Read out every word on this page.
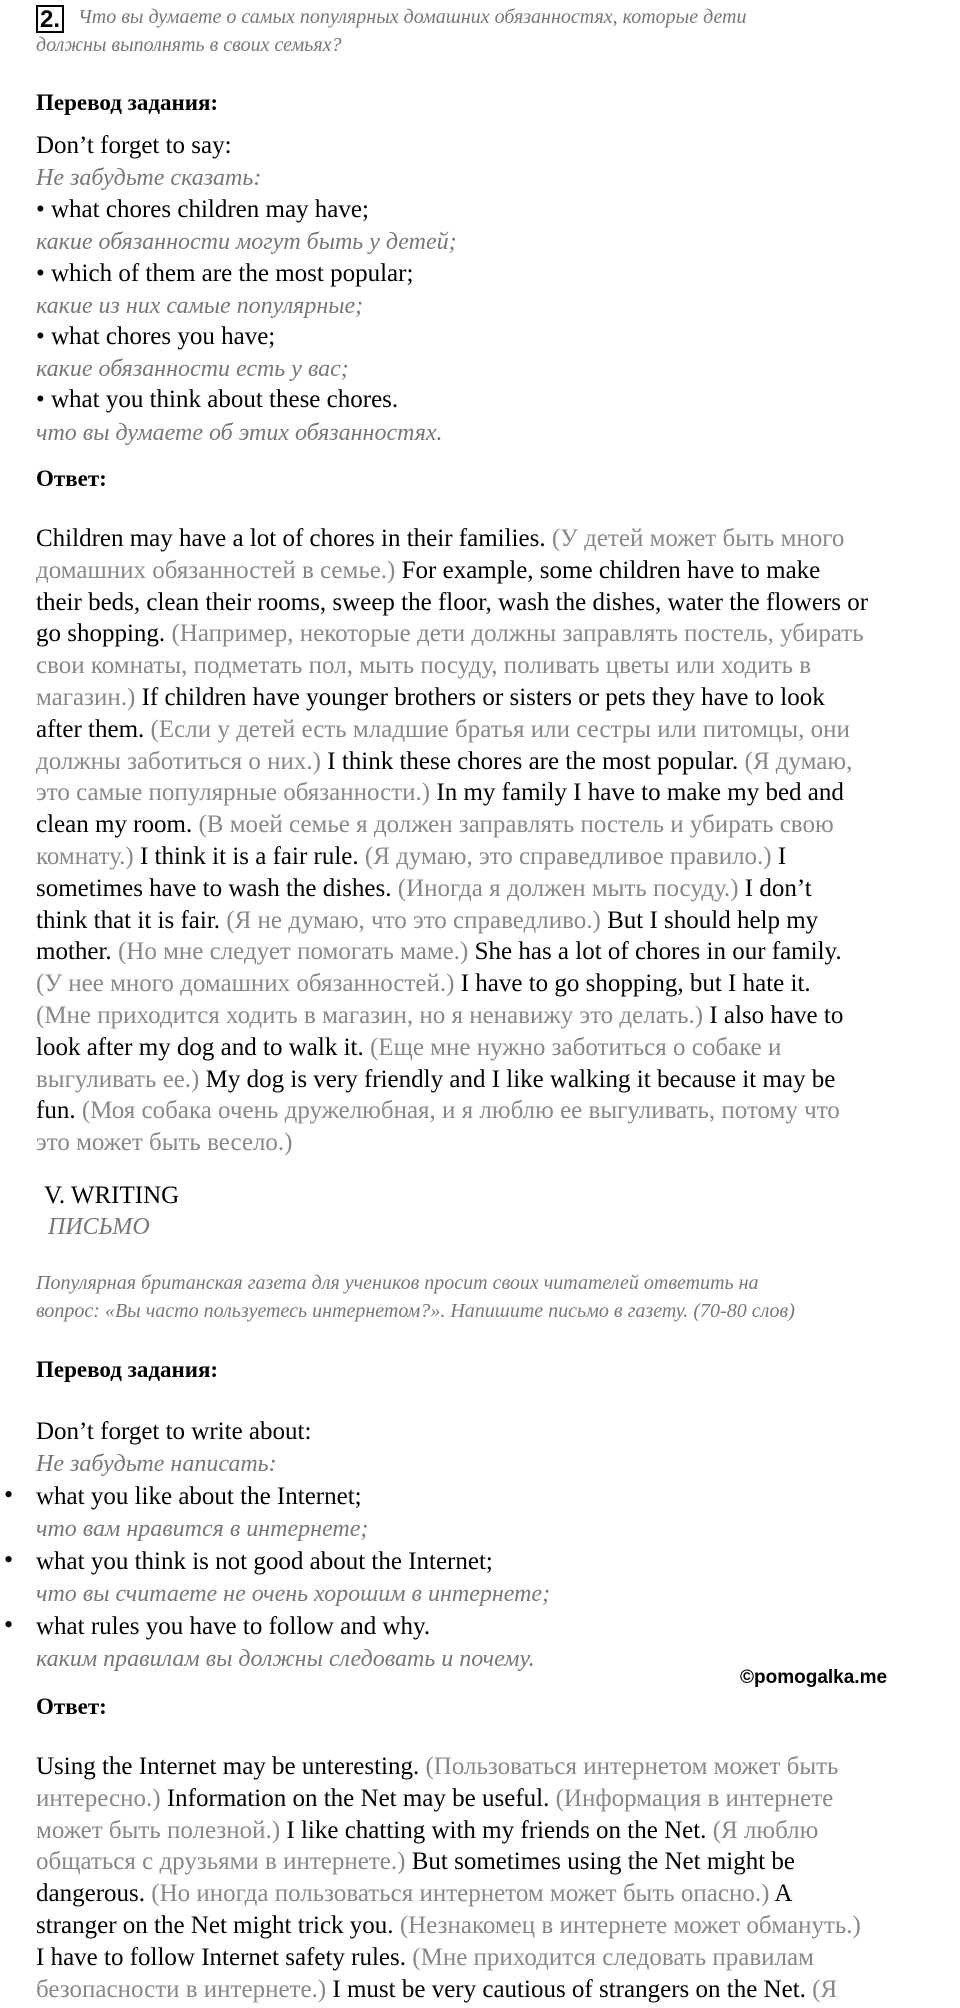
2. Что вы думаете о самых популярных домашних обязанностях, которые дети
должны выполнять в своих семьях?
Перевод задания:
Don’t forget to say:
Не забудьте сказать:
• what chores children may have;
какие обязанности могут быть у детей;
• which of them are the most popular;
какие из них самые популярные;
• what chores you have;
какие обязанности есть у вас;
• what you think about these chores.
что вы думаете об этих обязанностях.
Ответ:
Children may have a lot of chores in their families. (У детей может быть много
домашних обязанностей в семье.) For example, some children have to make
their beds, clean their rooms, sweep the floor, wash the dishes, water the flowers or
go shopping. (Например, некоторые дети должны заправлять постель, убирать
свои комнаты, подметать пол, мыть посуду, поливать цветы или ходить в
магазин.) If children have younger brothers or sisters or pets they have to look
after them. (Если у детей есть младшие братья или сестры или питомцы, они
должны заботиться о них.) I think these chores are the most popular. (Я думаю,
это самые популярные обязанности.) In my family I have to make my bed and
clean my room. (В моей семье я должен заправлять постель и убирать свою
комнату.) I think it is a fair rule. (Я думаю, это справедливое правило.) I
sometimes have to wash the dishes. (Иногда я должен мыть посуду.) I don’t
think that it is fair. (Я не думаю, что это справедливо.) But I should help my
mother. (Но мне следует помогать маме.) She has a lot of chores in our family.
(У нее много домашних обязанностей.) I have to go shopping, but I hate it.
(Мне приходится ходить в магазин, но я ненавижу это делать.) I also have to
look after my dog and to walk it. (Еще мне нужно заботиться о собаке и
выгуливать ее.) My dog is very friendly and I like walking it because it may be
fun. (Моя собака очень дружелюбная, и я люблю ее выгуливать, потому что
это может быть весело.)
V. WRITING
ПИСЬМО
Популярная британская газета для учеников просит своих читателей ответить на
вопрос: «Вы часто пользуетесь интернетом?». Напишите письмо в газету. (70-80 слов)
Перевод задания:
Don’t forget to write about:
Не забудьте написать:
• what you like about the Internet;
что вам нравится в интернете;
• what you think is not good about the Internet;
что вы считаете не очень хорошим в интернете;
• what rules you have to follow and why.
каким правилам вы должны следовать и почему.
©pomogalka.me
Ответ:
Using the Internet may be unteresting. (Пользоваться интернетом может быть
интересно.) Information on the Net may be useful. (Информация в интернете
может быть полезной.) I like chatting with my friends on the Net. (Я люблю
общаться с друзьями в интернете.) But sometimes using the Net might be
dangerous. (Но иногда пользоваться интернетом может быть опасно.) A
stranger on the Net might trick you. (Незнакомец в интернете может обмануть.)
I have to follow Internet safety rules. (Мне приходится следовать правилам
безопасности в интернете.) I must be very cautious of strangers on the Net. (Я
